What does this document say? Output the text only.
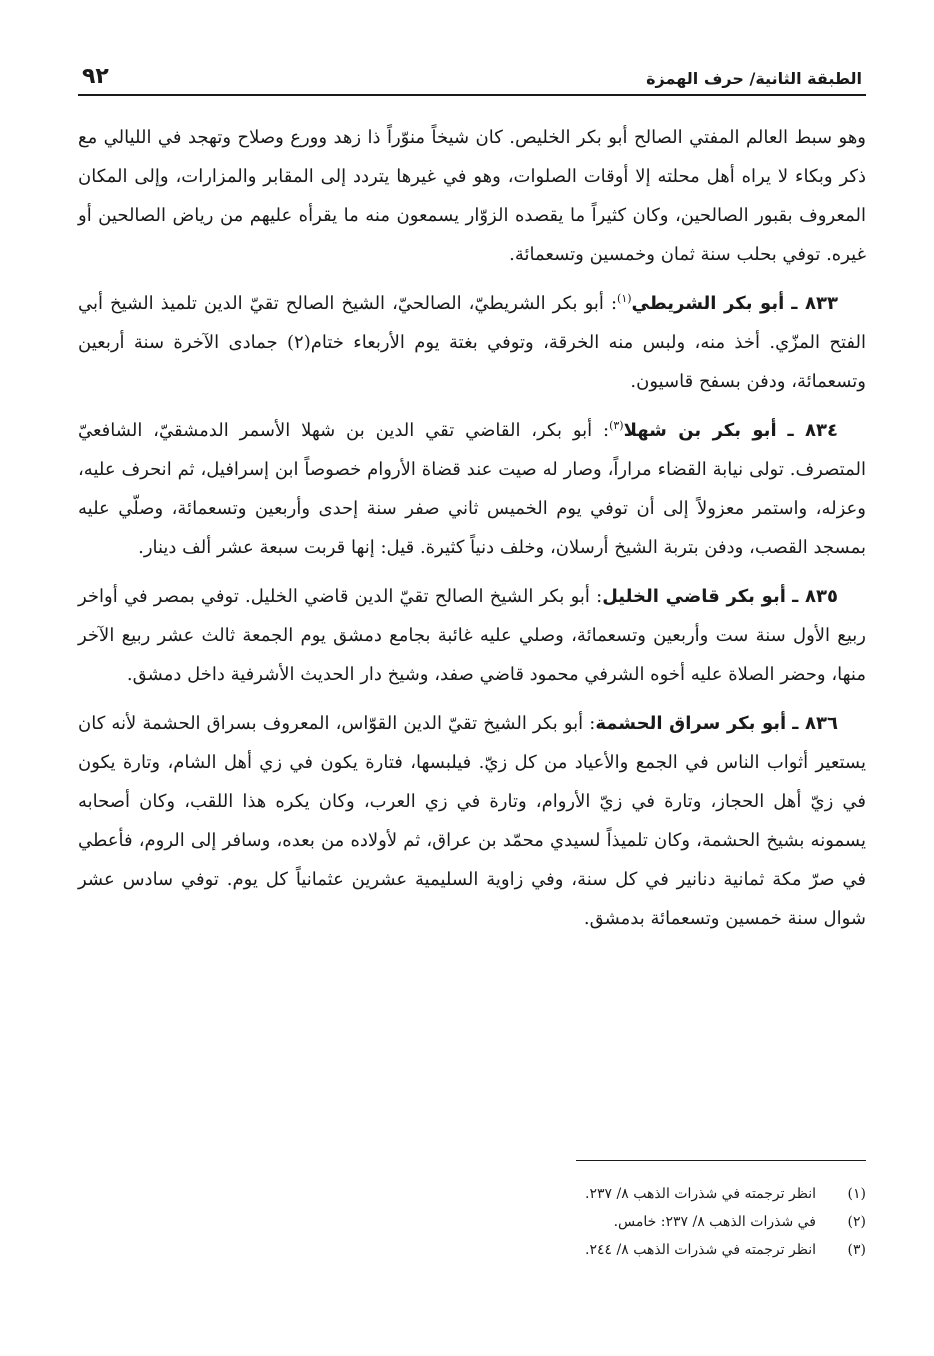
الطبقة الثانية/ حرف الهمزة
٩٢

وهو سبط العالم المفتي الصالح أبو بكر الخليص. كان شيخاً منوّراً ذا زهد وورع وصلاح وتهجد في الليالي مع ذكر وبكاء لا يراه أهل محلته إلا أوقات الصلوات، وهو في غيرها يتردد إلى المقابر والمزارات، وإلى المكان المعروف بقبور الصالحين، وكان كثيراً ما يقصده الزوّار يسمعون منه ما يقرأه عليهم من رياض الصالحين أو غيره. توفي بحلب سنة ثمان وخمسين وتسعمائة.

٨٣٣ ـ أبو بكر الشريطي$^{(١)}$: أبو بكر الشريطيّ، الصالحيّ، الشيخ الصالح تقيّ الدين تلميذ الشيخ أبي الفتح المزّي. أخذ منه، ولبس منه الخرقة، وتوفي بغتة يوم الأربعاء ختام(٢) جمادى الآخرة سنة أربعين وتسعمائة، ودفن بسفح قاسيون.

٨٣٤ ـ أبو بكر بن شهلا$^{(٣)}$: أبو بكر، القاضي تقي الدين بن شهلا الأسمر الدمشقيّ، الشافعيّ المتصرف. تولى نيابة القضاء مراراً، وصار له صيت عند قضاة الأروام خصوصاً ابن إسرافيل، ثم انحرف عليه، وعزله، واستمر معزولاً إلى أن توفي يوم الخميس ثاني صفر سنة إحدى وأربعين وتسعمائة، وصلّي عليه بمسجد القصب، ودفن بتربة الشيخ أرسلان، وخلف دنياً كثيرة. قيل: إنها قربت سبعة عشر ألف دينار.

٨٣٥ ـ أبو بكر قاضي الخليل: أبو بكر الشيخ الصالح تقيّ الدين قاضي الخليل. توفي بمصر في أواخر ربيع الأول سنة ست وأربعين وتسعمائة، وصلي عليه غائبة بجامع دمشق يوم الجمعة ثالث عشر ربيع الآخر منها، وحضر الصلاة عليه أخوه الشرفي محمود قاضي صفد، وشيخ دار الحديث الأشرفية داخل دمشق.

٨٣٦ ـ أبو بكر سراق الحشمة: أبو بكر الشيخ تقيّ الدين القوّاس، المعروف بسراق الحشمة لأنه كان يستعير أثواب الناس في الجمع والأعياد من كل زيّ. فيلبسها، فتارة يكون في زي أهل الشام، وتارة يكون في زيّ أهل الحجاز، وتارة في زيّ الأروام، وتارة في زي العرب، وكان يكره هذا اللقب، وكان أصحابه يسمونه بشيخ الحشمة، وكان تلميذاً لسيدي محمّد بن عراق، ثم لأولاده من بعده، وسافر إلى الروم، فأعطي في صرّ مكة ثمانية دنانير في كل سنة، وفي زاوية السليمية عشرين عثمانياً كل يوم. توفي سادس عشر شوال سنة خمسين وتسعمائة بدمشق.

(١)
انظر ترجمته في شذرات الذهب ٨/ ٢٣٧.
(٢)
في شذرات الذهب ٨/ ٢٣٧: خامس.
(٣)
انظر ترجمته في شذرات الذهب ٨/ ٢٤٤.
